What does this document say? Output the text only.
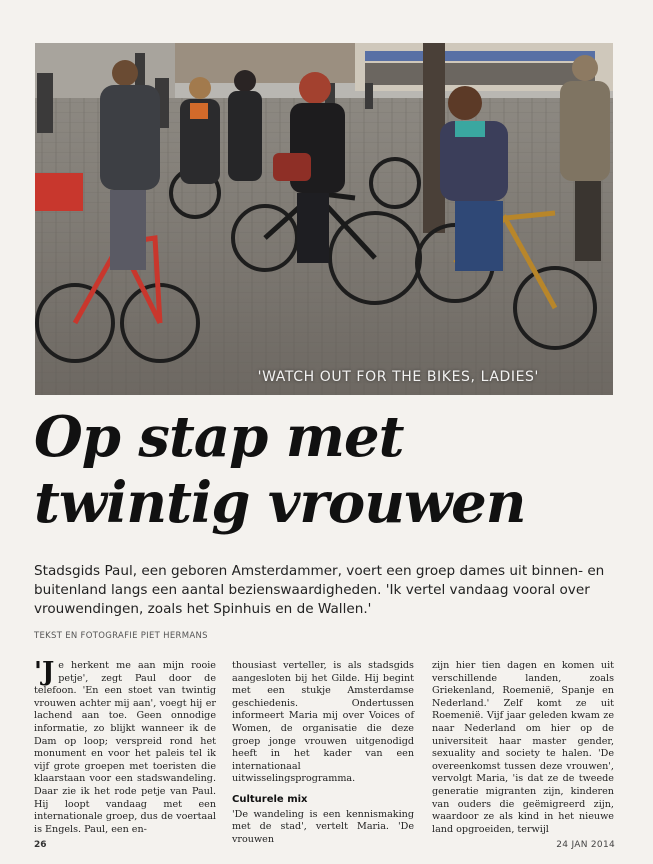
'WATCH OUT FOR THE BIKES, LADIES'
Op stap met
twintig vrouwen

Stadsgids Paul, een geboren Amsterdammer, voert een groep dames uit binnen- en buitenland langs een aantal bezienswaardigheden. 'Ik vertel vandaag vooral over vrouwendingen, zoals het Spinhuis en de Wallen.'

TEKST EN FOTOGRAFIE PIET HERMANS

'J e herkent me aan mijn rooie petje', zegt Paul door de telefoon. 'En een stoet van twintig vrouwen achter mij aan', voegt hij er lachend aan toe. Geen onnodige informatie, zo blijkt wanneer ik de Dam op loop; verspreid rond het monument en voor het paleis tel ik vijf grote groepen met toeristen die klaarstaan voor een stadswandeling. Daar zie ik het rode petje van Paul. Hij loopt vandaag met een internationale groep, dus de voertaal is Engels. Paul, een en-

thousiast verteller, is als stadsgids aangesloten bij het Gilde. Hij begint met een stukje Amsterdamse geschiedenis. Ondertussen informeert Maria mij over Voices of Women, de organisatie die deze groep jonge vrouwen uitgenodigd heeft in het kader van een internationaal uitwisselingsprogramma.

Culturele mix

'De wandeling is een kennismaking met de stad', vertelt Maria. 'De vrouwen

zijn hier tien dagen en komen uit verschillende landen, zoals Griekenland, Roemenië, Spanje en Nederland.' Zelf komt ze uit Roemenië. Vijf jaar geleden kwam ze naar Nederland om hier op de universiteit haar master gender, sexuality and society te halen. 'De overeenkomst tussen deze vrouwen', vervolgt Maria, 'is dat ze de tweede generatie migranten zijn, kinderen van ouders die geëmigreerd zijn, waardoor ze als kind in het nieuwe land opgroeiden, terwijl

26	24 JAN 2014
